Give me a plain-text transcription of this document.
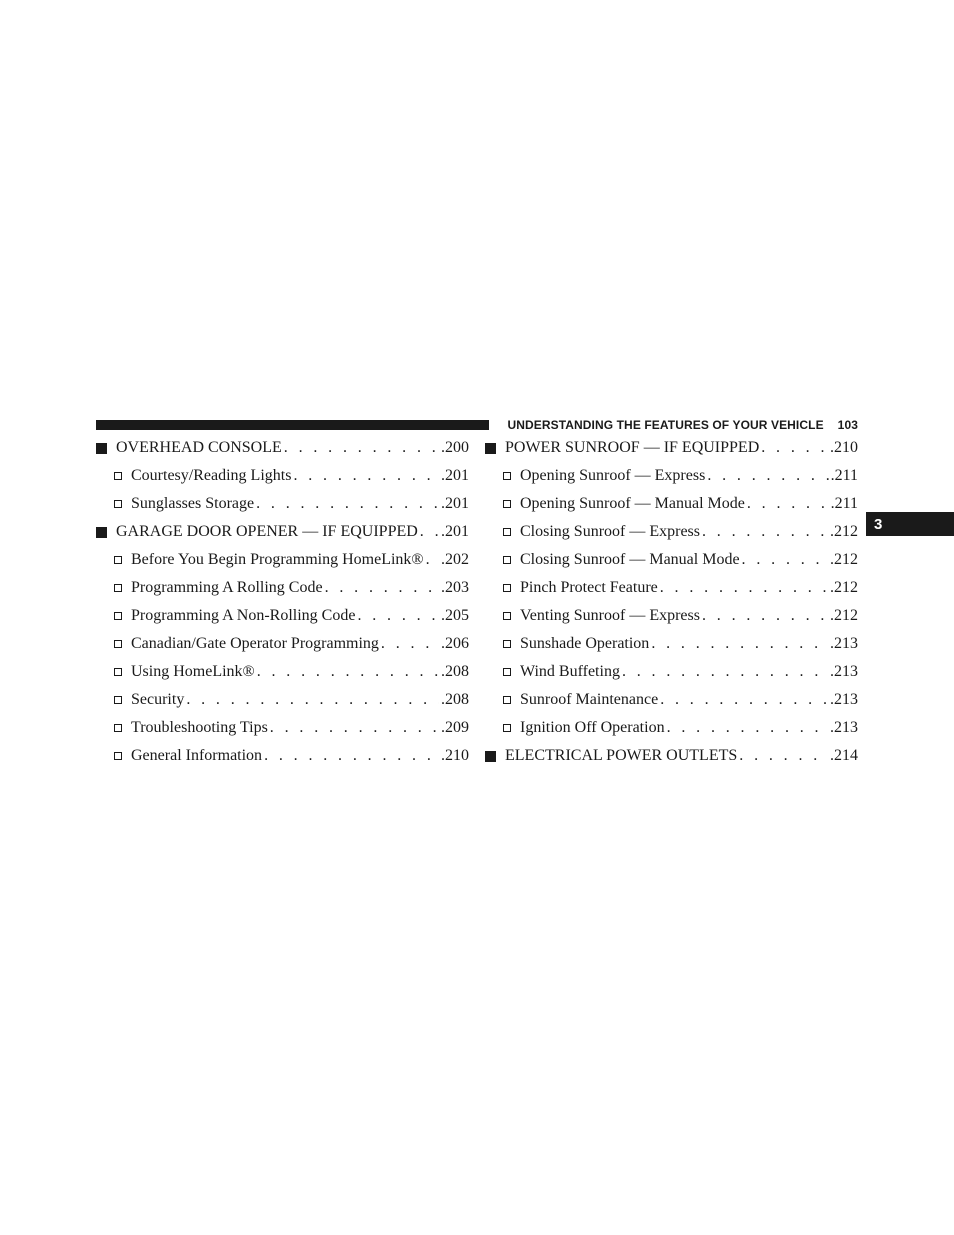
UNDERSTANDING THE FEATURES OF YOUR VEHICLE 103
3
OVERHEAD CONSOLE . . .	.200
Courtesy/Reading Lights . . .	.201
Sunglasses Storage . . .	.201
GARAGE DOOR OPENER — IF EQUIPPED . . . .201
Before You Begin Programming HomeLink® . . . .202
Programming A Rolling Code . . .	.203
Programming A Non-Rolling Code . . .	.205
Canadian/Gate Operator Programming . . .	.206
Using HomeLink® . . .	.208
Security . . .	.208
Troubleshooting Tips . . .	.209
General Information . . .	.210
POWER SUNROOF — IF EQUIPPED . . .	.210
Opening Sunroof — Express . . .	.211
Opening Sunroof — Manual Mode . . .	.211
Closing Sunroof — Express . . .	.212
Closing Sunroof — Manual Mode . . .	.212
Pinch Protect Feature . . .	.212
Venting Sunroof — Express . . .	.212
Sunshade Operation . . .	.213
Wind Buffeting . . .	.213
Sunroof Maintenance . . .	.213
Ignition Off Operation . . .	.213
ELECTRICAL POWER OUTLETS . . .	.214
